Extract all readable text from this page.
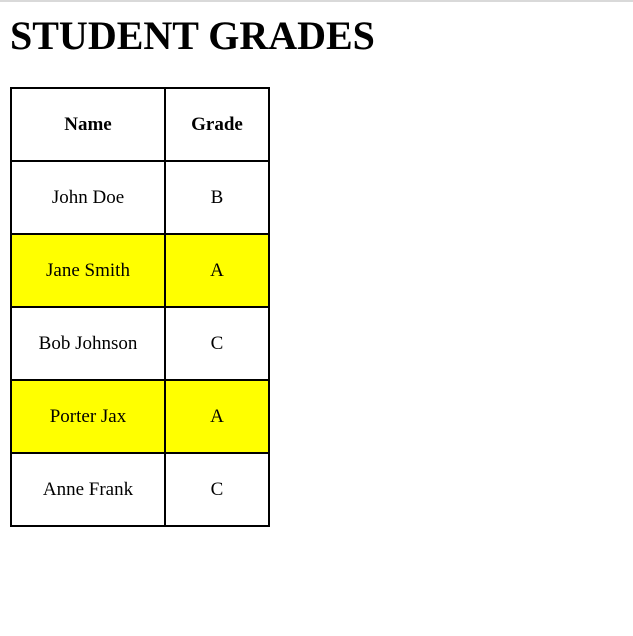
STUDENT GRADES
Name	Grade
John Doe	B
Jane Smith	A
Bob Johnson	C
Porter Jax	A
Anne Frank	C
